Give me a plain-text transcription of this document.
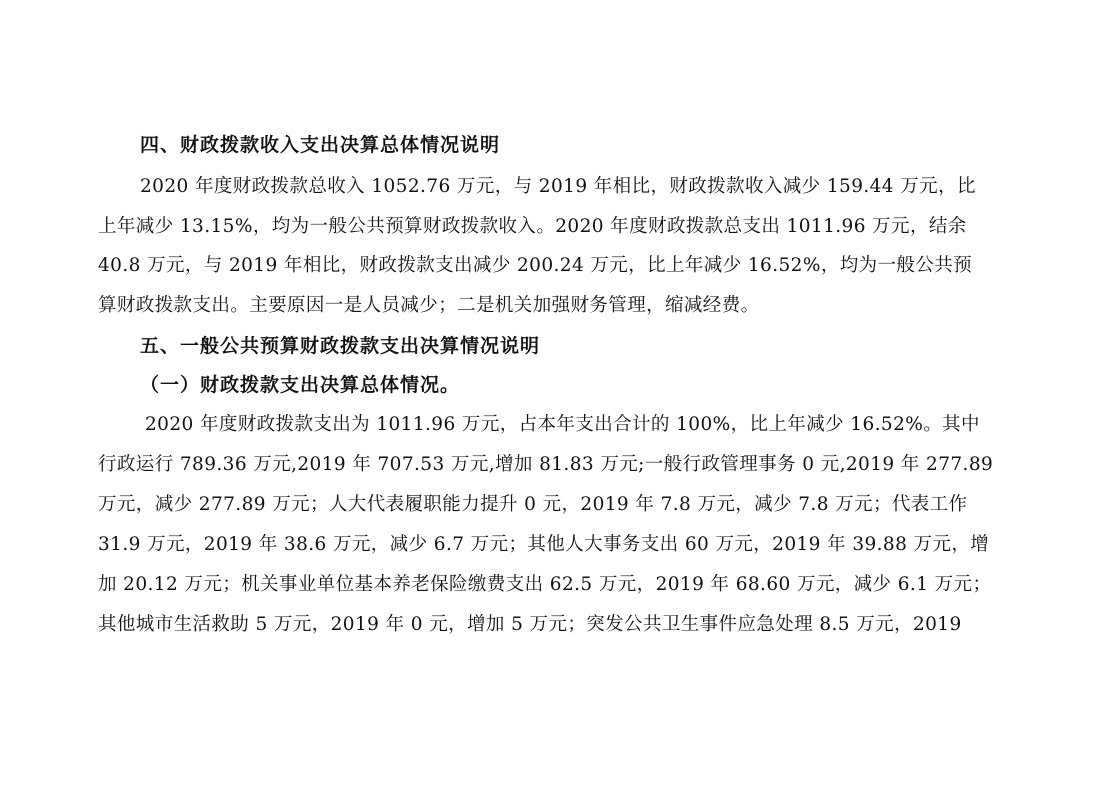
四、财政拨款收入支出决算总体情况说明
2020 年度财政拨款总收入 1052.76 万元，与 2019 年相比，财政拨款收入减少 159.44 万元，比
上年减少 13.15%，均为一般公共预算财政拨款收入。2020 年度财政拨款总支出 1011.96 万元，结余
40.8 万元，与 2019 年相比，财政拨款支出减少 200.24 万元，比上年减少 16.52%，均为一般公共预
算财政拨款支出。主要原因一是人员减少；二是机关加强财务管理，缩减经费。
五、一般公共预算财政拨款支出决算情况说明
（一）财政拨款支出决算总体情况。
2020 年度财政拨款支出为 1011.96 万元，占本年支出合计的 100%，比上年减少 16.52%。其中
行政运行 789.36 万元,2019 年 707.53 万元,增加 81.83 万元;一般行政管理事务 0 元,2019 年 277.89
万元，减少 277.89 万元；人大代表履职能力提升 0 元，2019 年 7.8 万元，减少 7.8 万元；代表工作
31.9 万元，2019 年 38.6 万元，减少 6.7 万元；其他人大事务支出 60 万元，2019 年 39.88 万元，增
加 20.12 万元；机关事业单位基本养老保险缴费支出 62.5 万元，2019 年 68.60 万元，减少 6.1 万元；
其他城市生活救助 5 万元，2019 年 0 元，增加 5 万元；突发公共卫生事件应急处理 8.5 万元，2019
